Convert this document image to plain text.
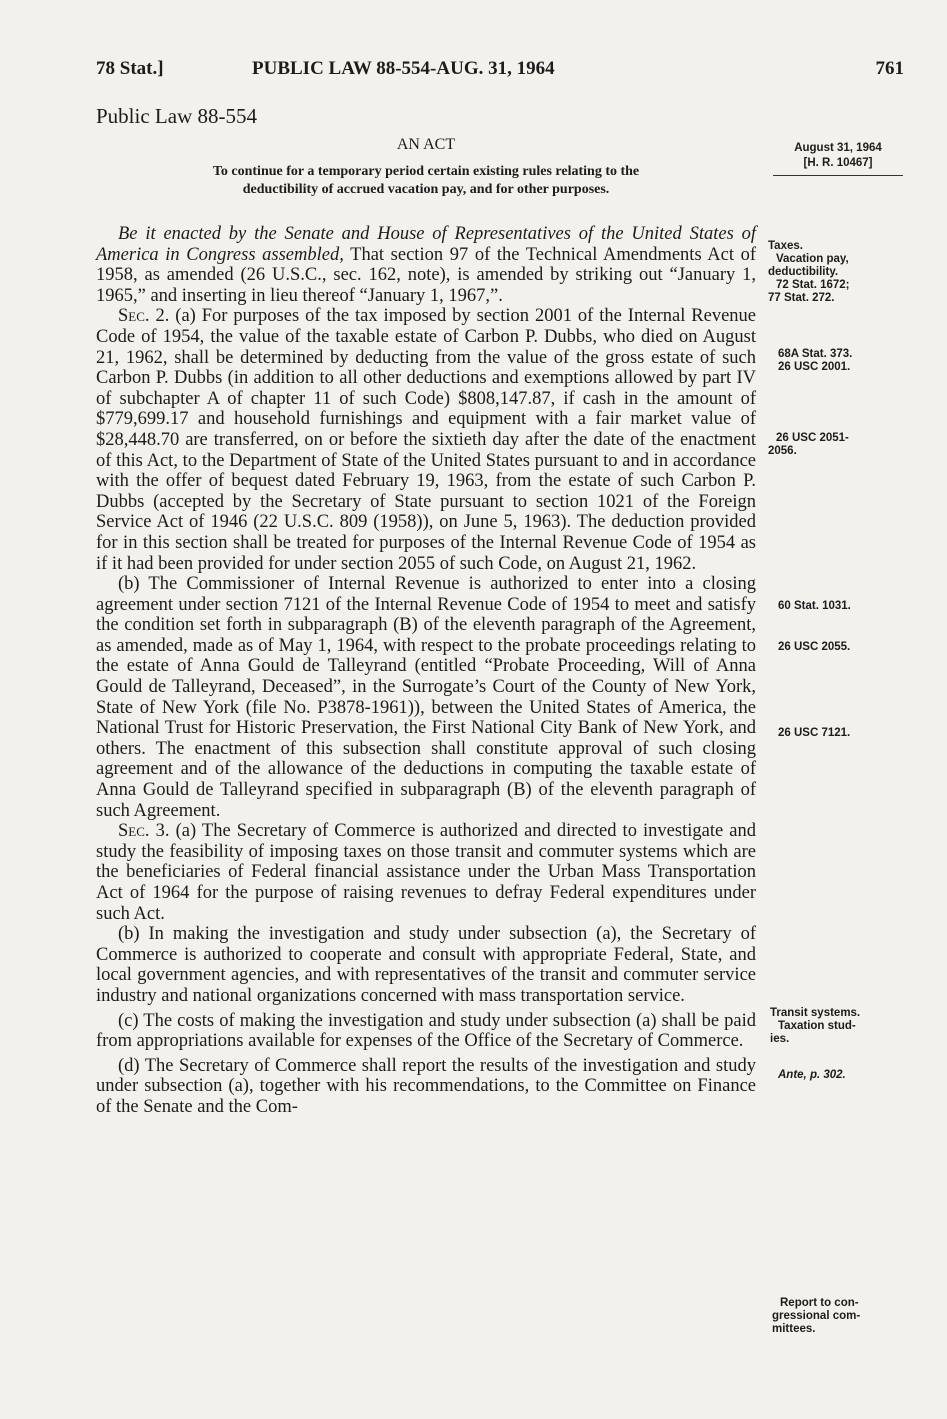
78 Stat.]	PUBLIC LAW 88-554-AUG. 31, 1964	761
Public Law 88-554
AN ACT
To continue for a temporary period certain existing rules relating to the
deductibility of accrued vacation pay, and for other purposes.
August 31, 1964
[H. R. 10467]

Be it enacted by the Senate and House of Representatives of the United States of America in Congress assembled, That section 97 of the Technical Amendments Act of 1958, as amended (26 U.S.C., sec. 162, note), is amended by striking out “January 1, 1965,” and inserting in lieu thereof “January 1, 1967,”.

Sec. 2. (a) For purposes of the tax imposed by section 2001 of the Internal Revenue Code of 1954, the value of the taxable estate of Carbon P. Dubbs, who died on August 21, 1962, shall be determined by deducting from the value of the gross estate of such Carbon P. Dubbs (in addition to all other deductions and exemptions allowed by part IV of subchapter A of chapter 11 of such Code) $808,147.87, if cash in the amount of $779,699.17 and household furnishings and equipment with a fair market value of $28,448.70 are transferred, on or before the sixtieth day after the date of the enactment of this Act, to the Department of State of the United States pursuant to and in accordance with the offer of bequest dated February 19, 1963, from the estate of such Carbon P. Dubbs (accepted by the Secretary of State pursuant to section 1021 of the Foreign Service Act of 1946 (22 U.S.C. 809 (1958)), on June 5, 1963). The deduction provided for in this section shall be treated for purposes of the Internal Revenue Code of 1954 as if it had been provided for under section 2055 of such Code, on August 21, 1962.

(b) The Commissioner of Internal Revenue is authorized to enter into a closing agreement under section 7121 of the Internal Revenue Code of 1954 to meet and satisfy the condition set forth in subparagraph (B) of the eleventh paragraph of the Agreement, as amended, made as of May 1, 1964, with respect to the probate proceedings relating to the estate of Anna Gould de Talleyrand (entitled “Probate Proceeding, Will of Anna Gould de Talleyrand, Deceased”, in the Surrogate’s Court of the County of New York, State of New York (file No. P3878-1961)), between the United States of America, the National Trust for Historic Preservation, the First National City Bank of New York, and others. The enactment of this subsection shall constitute approval of such closing agreement and of the allowance of the deductions in computing the taxable estate of Anna Gould de Talleyrand specified in subparagraph (B) of the eleventh paragraph of such Agreement.

Sec. 3. (a) The Secretary of Commerce is authorized and directed to investigate and study the feasibility of imposing taxes on those transit and commuter systems which are the beneficiaries of Federal financial assistance under the Urban Mass Transportation Act of 1964 for the purpose of raising revenues to defray Federal expenditures under such Act.

(b) In making the investigation and study under subsection (a), the Secretary of Commerce is authorized to cooperate and consult with appropriate Federal, State, and local government agencies, and with representatives of the transit and commuter service industry and national organizations concerned with mass transportation service.

(c) The costs of making the investigation and study under subsection (a) shall be paid from appropriations available for expenses of the Office of the Secretary of Commerce.

(d) The Secretary of Commerce shall report the results of the investigation and study under subsection (a), together with his recommendations, to the Committee on Finance of the Senate and the Com-

Taxes.
Vacation pay,
deductibility.
72 Stat. 1672;
77 Stat. 272.
68A Stat. 373.
26 USC 2001.
26 USC 2051-
2056.
60 Stat. 1031.
26 USC 2055.
26 USC 7121.
Transit systems.
Taxation stud-
ies.
Ante, p. 302.
Report to con-
gressional com-
mittees.
